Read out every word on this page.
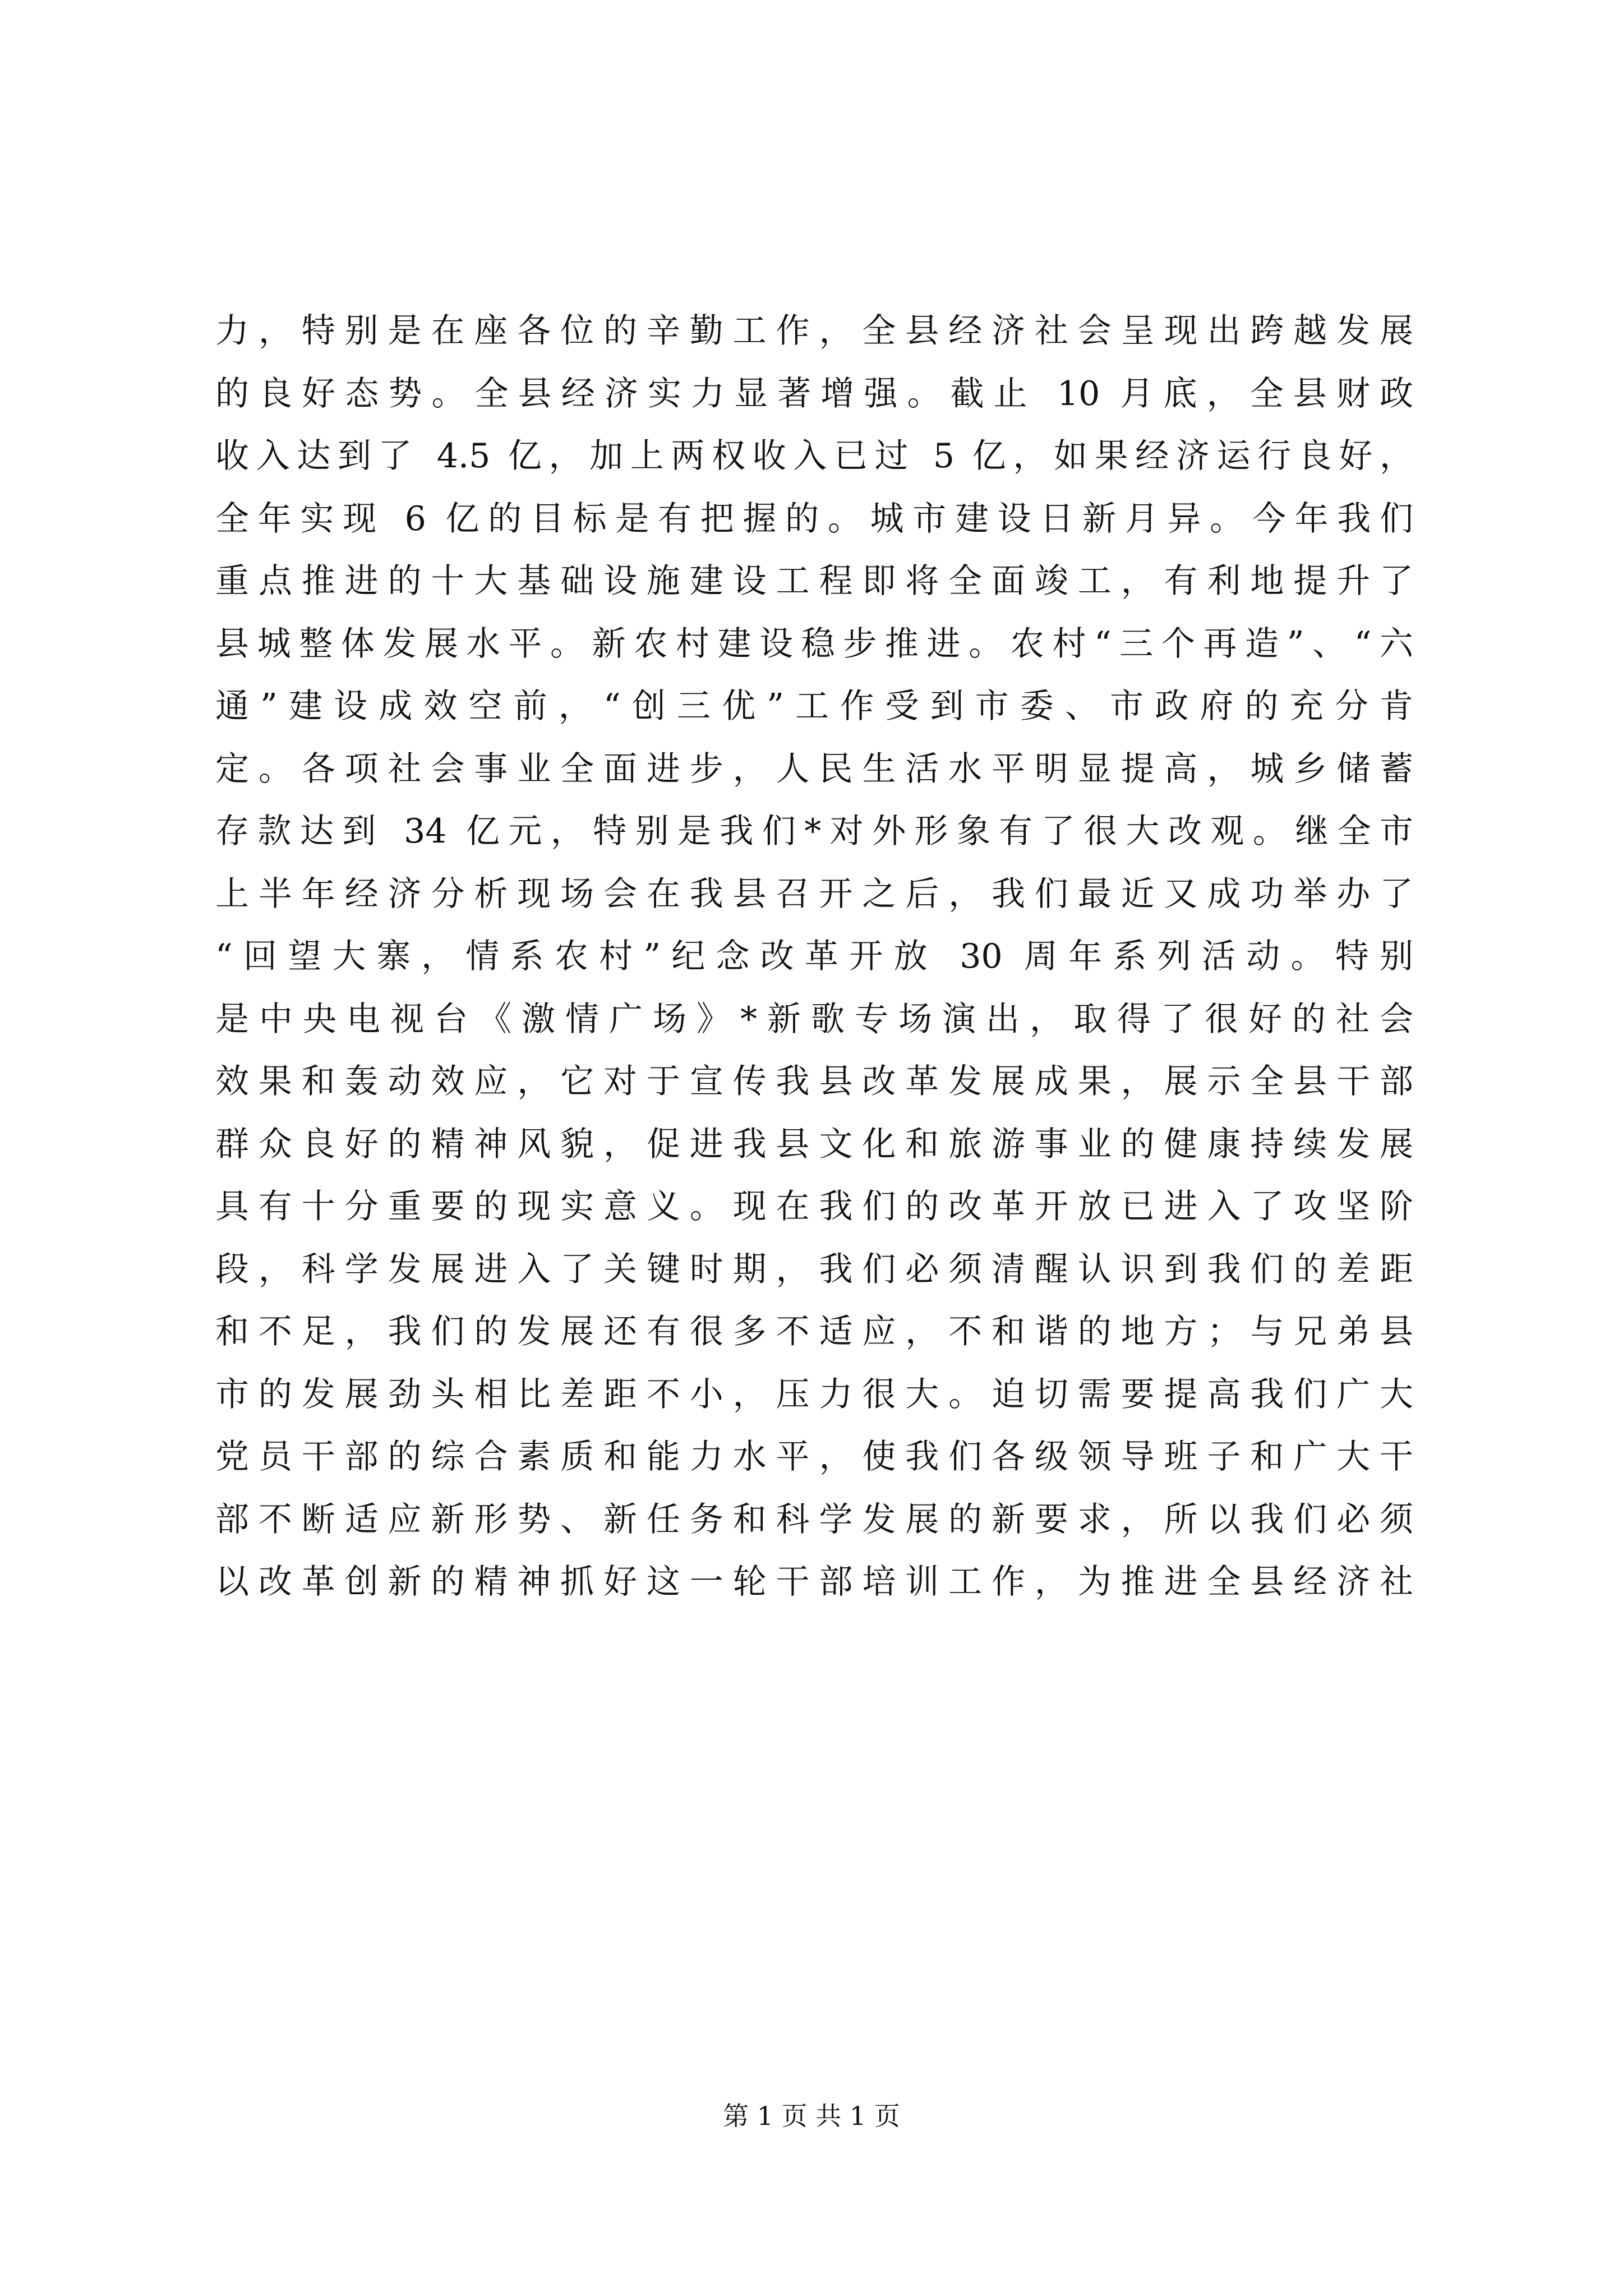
力，特别是在座各位的辛勤工作，全县经济社会呈现出跨越发展
的良好态势。全县经济实力显著增强。截止 10 月底，全县财政
收入达到了 4.5 亿，加上两权收入已过 5 亿，如果经济运行良好，
全年实现 6 亿的目标是有把握的。城市建设日新月异。今年我们
重点推进的十大基础设施建设工程即将全面竣工，有利地提升了
县城整体发展水平。新农村建设稳步推进。农村“三个再造”、“六
通”建设成效空前，“创三优”工作受到市委、市政府的充分肯
定。各项社会事业全面进步，人民生活水平明显提高，城乡储蓄
存款达到 34 亿元，特别是我们*对外形象有了很大改观。继全市
上半年经济分析现场会在我县召开之后，我们最近又成功举办了
“回望大寨，情系农村”纪念改革开放 30 周年系列活动。特别
是中央电视台《激情广场》*新歌专场演出，取得了很好的社会
效果和轰动效应，它对于宣传我县改革发展成果，展示全县干部
群众良好的精神风貌，促进我县文化和旅游事业的健康持续发展
具有十分重要的现实意义。现在我们的改革开放已进入了攻坚阶
段，科学发展进入了关键时期，我们必须清醒认识到我们的差距
和不足，我们的发展还有很多不适应，不和谐的地方；与兄弟县
市的发展劲头相比差距不小，压力很大。迫切需要提高我们广大
党员干部的综合素质和能力水平，使我们各级领导班子和广大干
部不断适应新形势、新任务和科学发展的新要求，所以我们必须
以改革创新的精神抓好这一轮干部培训工作，为推进全县经济社
第 1 页 共 1 页
